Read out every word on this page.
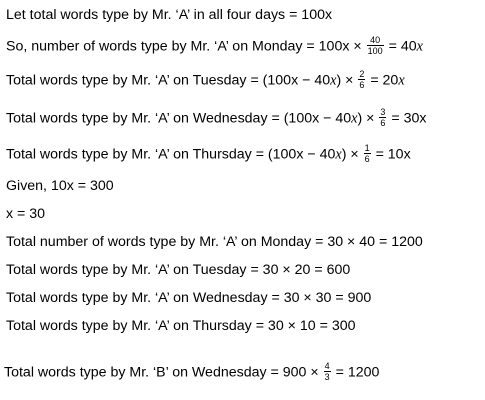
Let total words type by Mr. ‘A’ in all four days = 100x
So, number of words type by Mr. ‘A’ on Monday = $100x \times \frac{40}{100} = 40x$
Total words type by Mr. ‘A’ on Tuesday = $(100x - 40x) \times \frac{2}{6} = 20x$
Total words type by Mr. ‘A’ on Wednesday = $(100x - 40x) \times \frac{3}{6} = 30x$
Total words type by Mr. ‘A’ on Thursday = $(100x - 40x) \times \frac{1}{6} = 10x$
Given, 10x = 300
x = 30
Total number of words type by Mr. ‘A’ on Monday = 30 × 40 = 1200
Total words type by Mr. ‘A’ on Tuesday = 30 × 20 = 600
Total words type by Mr. ‘A’ on Wednesday = 30 × 30 = 900
Total words type by Mr. ‘A’ on Thursday = 30 × 10 = 300
Total words type by Mr. ‘B’ on Wednesday = $900 \times \frac{4}{3} = 1200$
